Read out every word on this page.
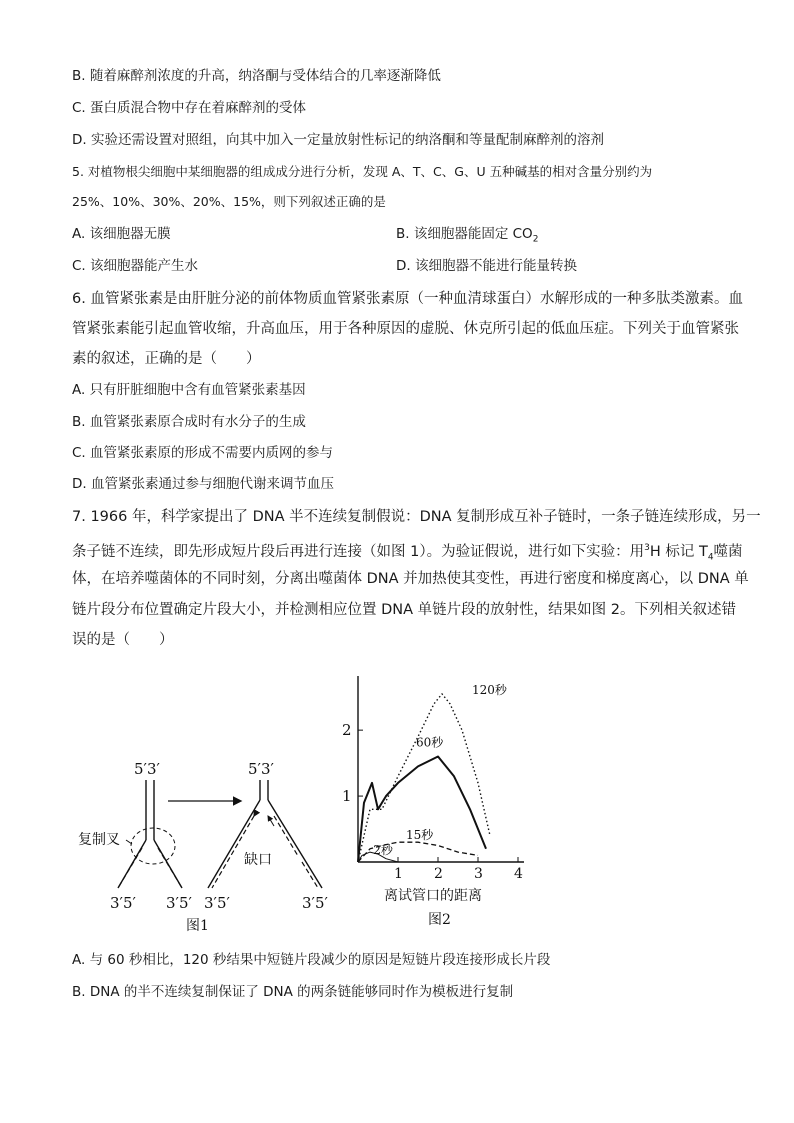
B. 随着麻醉剂浓度的升高，纳洛酮与受体结合的几率逐渐降低
C. 蛋白质混合物中存在着麻醉剂的受体
D. 实验还需设置对照组，向其中加入一定量放射性标记的纳洛酮和等量配制麻醉剂的溶剂
5. 对植物根尖细胞中某细胞器的组成成分进行分析，发现 A、T、C、G、U 五种碱基的相对含量分别约为
25%、10%、30%、20%、15%，则下列叙述正确的是
A. 该细胞器无膜	B. 该细胞器能固定 $CO_2$
C. 该细胞器能产生水	D. 该细胞器不能进行能量转换
6. 血管紧张素是由肝脏分泌的前体物质血管紧张素原（一种血清球蛋白）水解形成的一种多肽类激素。血
管紧张素能引起血管收缩，升高血压，用于各种原因的虚脱、休克所引起的低血压症。下列关于血管紧张
素的叙述，正确的是（　　）
A. 只有肝脏细胞中含有血管紧张素基因
B. 血管紧张素原合成时有水分子的生成
C. 血管紧张素原的形成不需要内质网的参与
D. 血管紧张素通过参与细胞代谢来调节血压
7. 1966 年，科学家提出了 DNA 半不连续复制假说：DNA 复制形成互补子链时，一条子链连续形成，另一
条子链不连续，即先形成短片段后再进行连接（如图 1）。为验证假说，进行如下实验：用$^3$H 标记 $T_4$噬菌
体，在培养噬菌体的不同时刻，分离出噬菌体 DNA 并加热使其变性，再进行密度和梯度离心，以 DNA 单
链片段分布位置确定片段大小，并检测相应位置 DNA 单链片段的放射性，结果如图 2。下列相关叙述错
误的是（　　）
5′3′
复制叉
5′3′
缺口
3′5′ 3′5′ 3′5′	3′5′
图1
1 2 3 4
1
2
120秒
60秒
15秒
2秒
离试管口的距离
图2
A. 与 60 秒相比，120 秒结果中短链片段减少的原因是短链片段连接形成长片段
B. DNA 的半不连续复制保证了 DNA 的两条链能够同时作为模板进行复制
